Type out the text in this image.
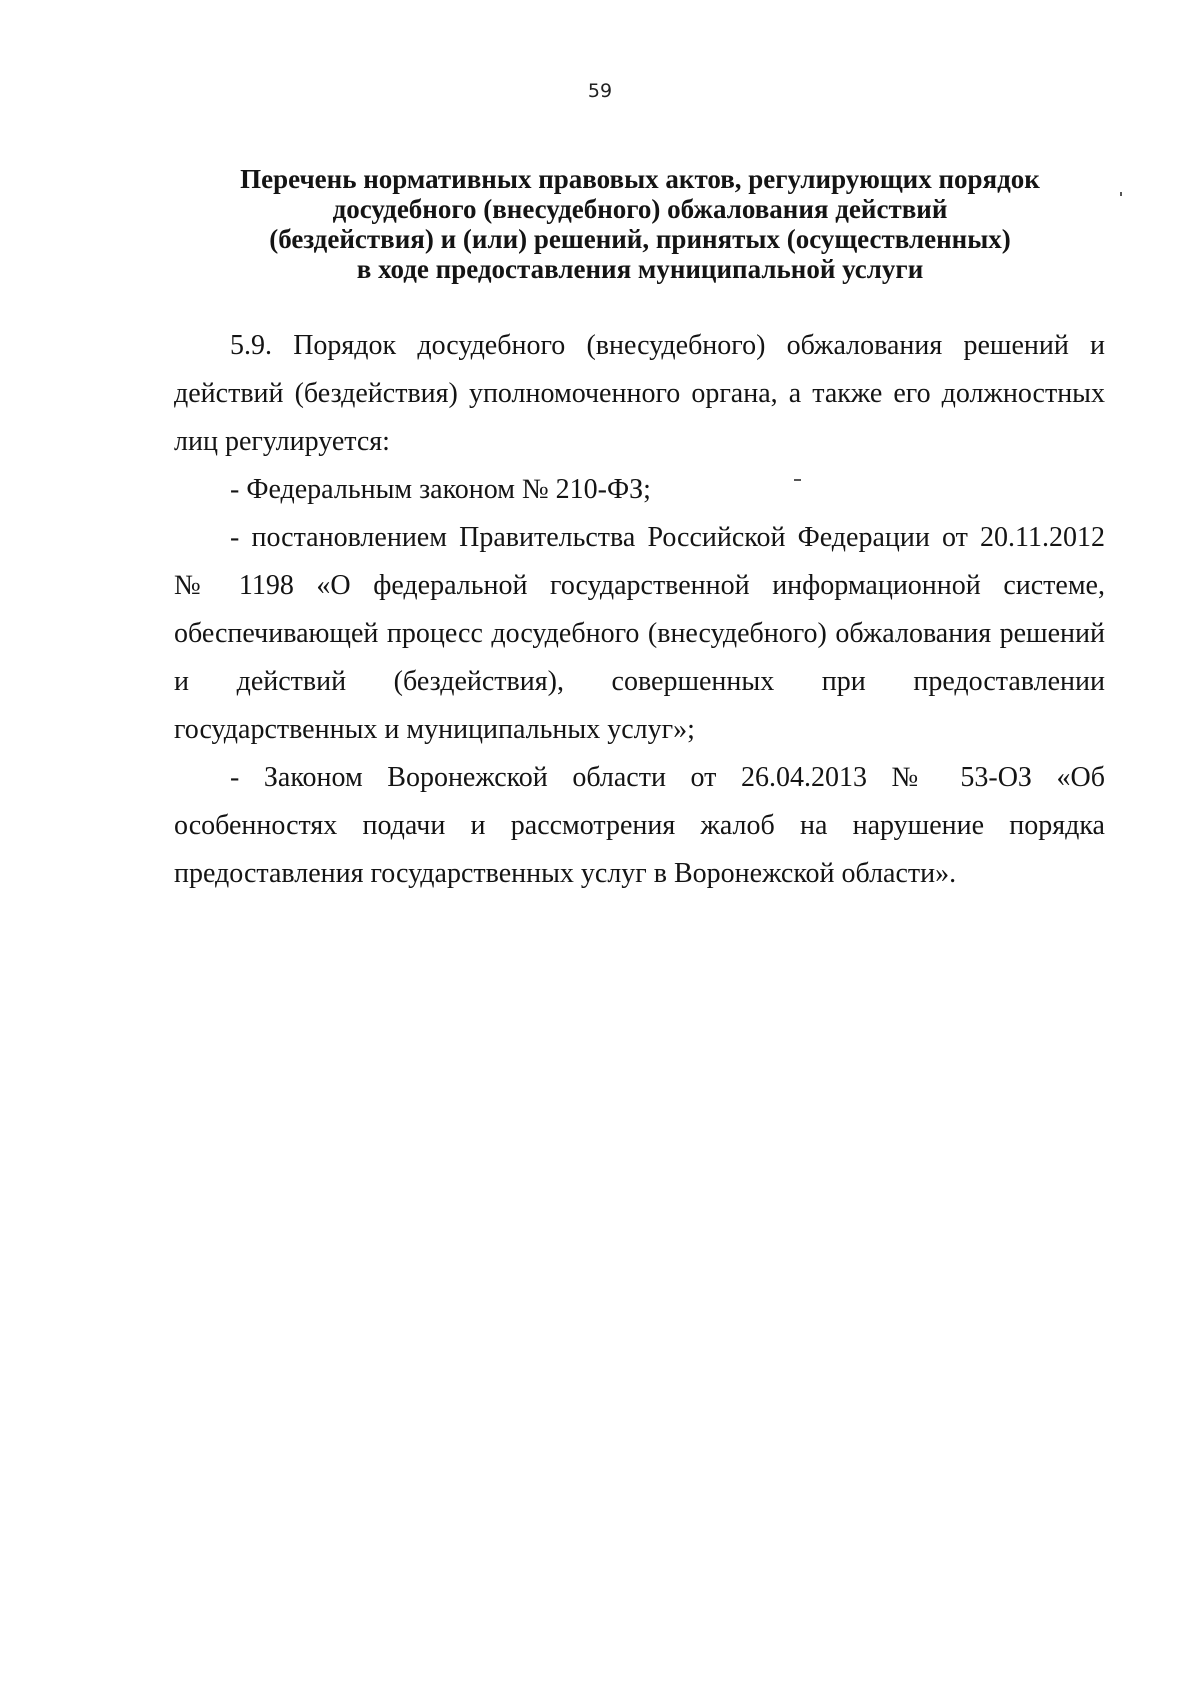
59
Перечень нормативных правовых актов, регулирующих порядок
досудебного (внесудебного) обжалования действий
(бездействия) и (или) решений, принятых (осуществленных)
в ходе предоставления муниципальной услуги

5.9. Порядок досудебного (внесудебного) обжалования решений и действий (бездействия) уполномоченного органа, а также его должностных лиц регулируется:

- Федеральным законом № 210-ФЗ;

- постановлением Правительства Российской Федерации от 20.11.2012 № 1198 «О федеральной государственной информационной системе, обеспечивающей процесс досудебного (внесудебного) обжалования решений и действий (бездействия), совершенных при предоставлении государственных и муниципальных услуг»;

- Законом Воронежской области от 26.04.2013 № 53-ОЗ «Об особенностях подачи и рассмотрения жалоб на нарушение порядка предоставления государственных услуг в Воронежской области».
